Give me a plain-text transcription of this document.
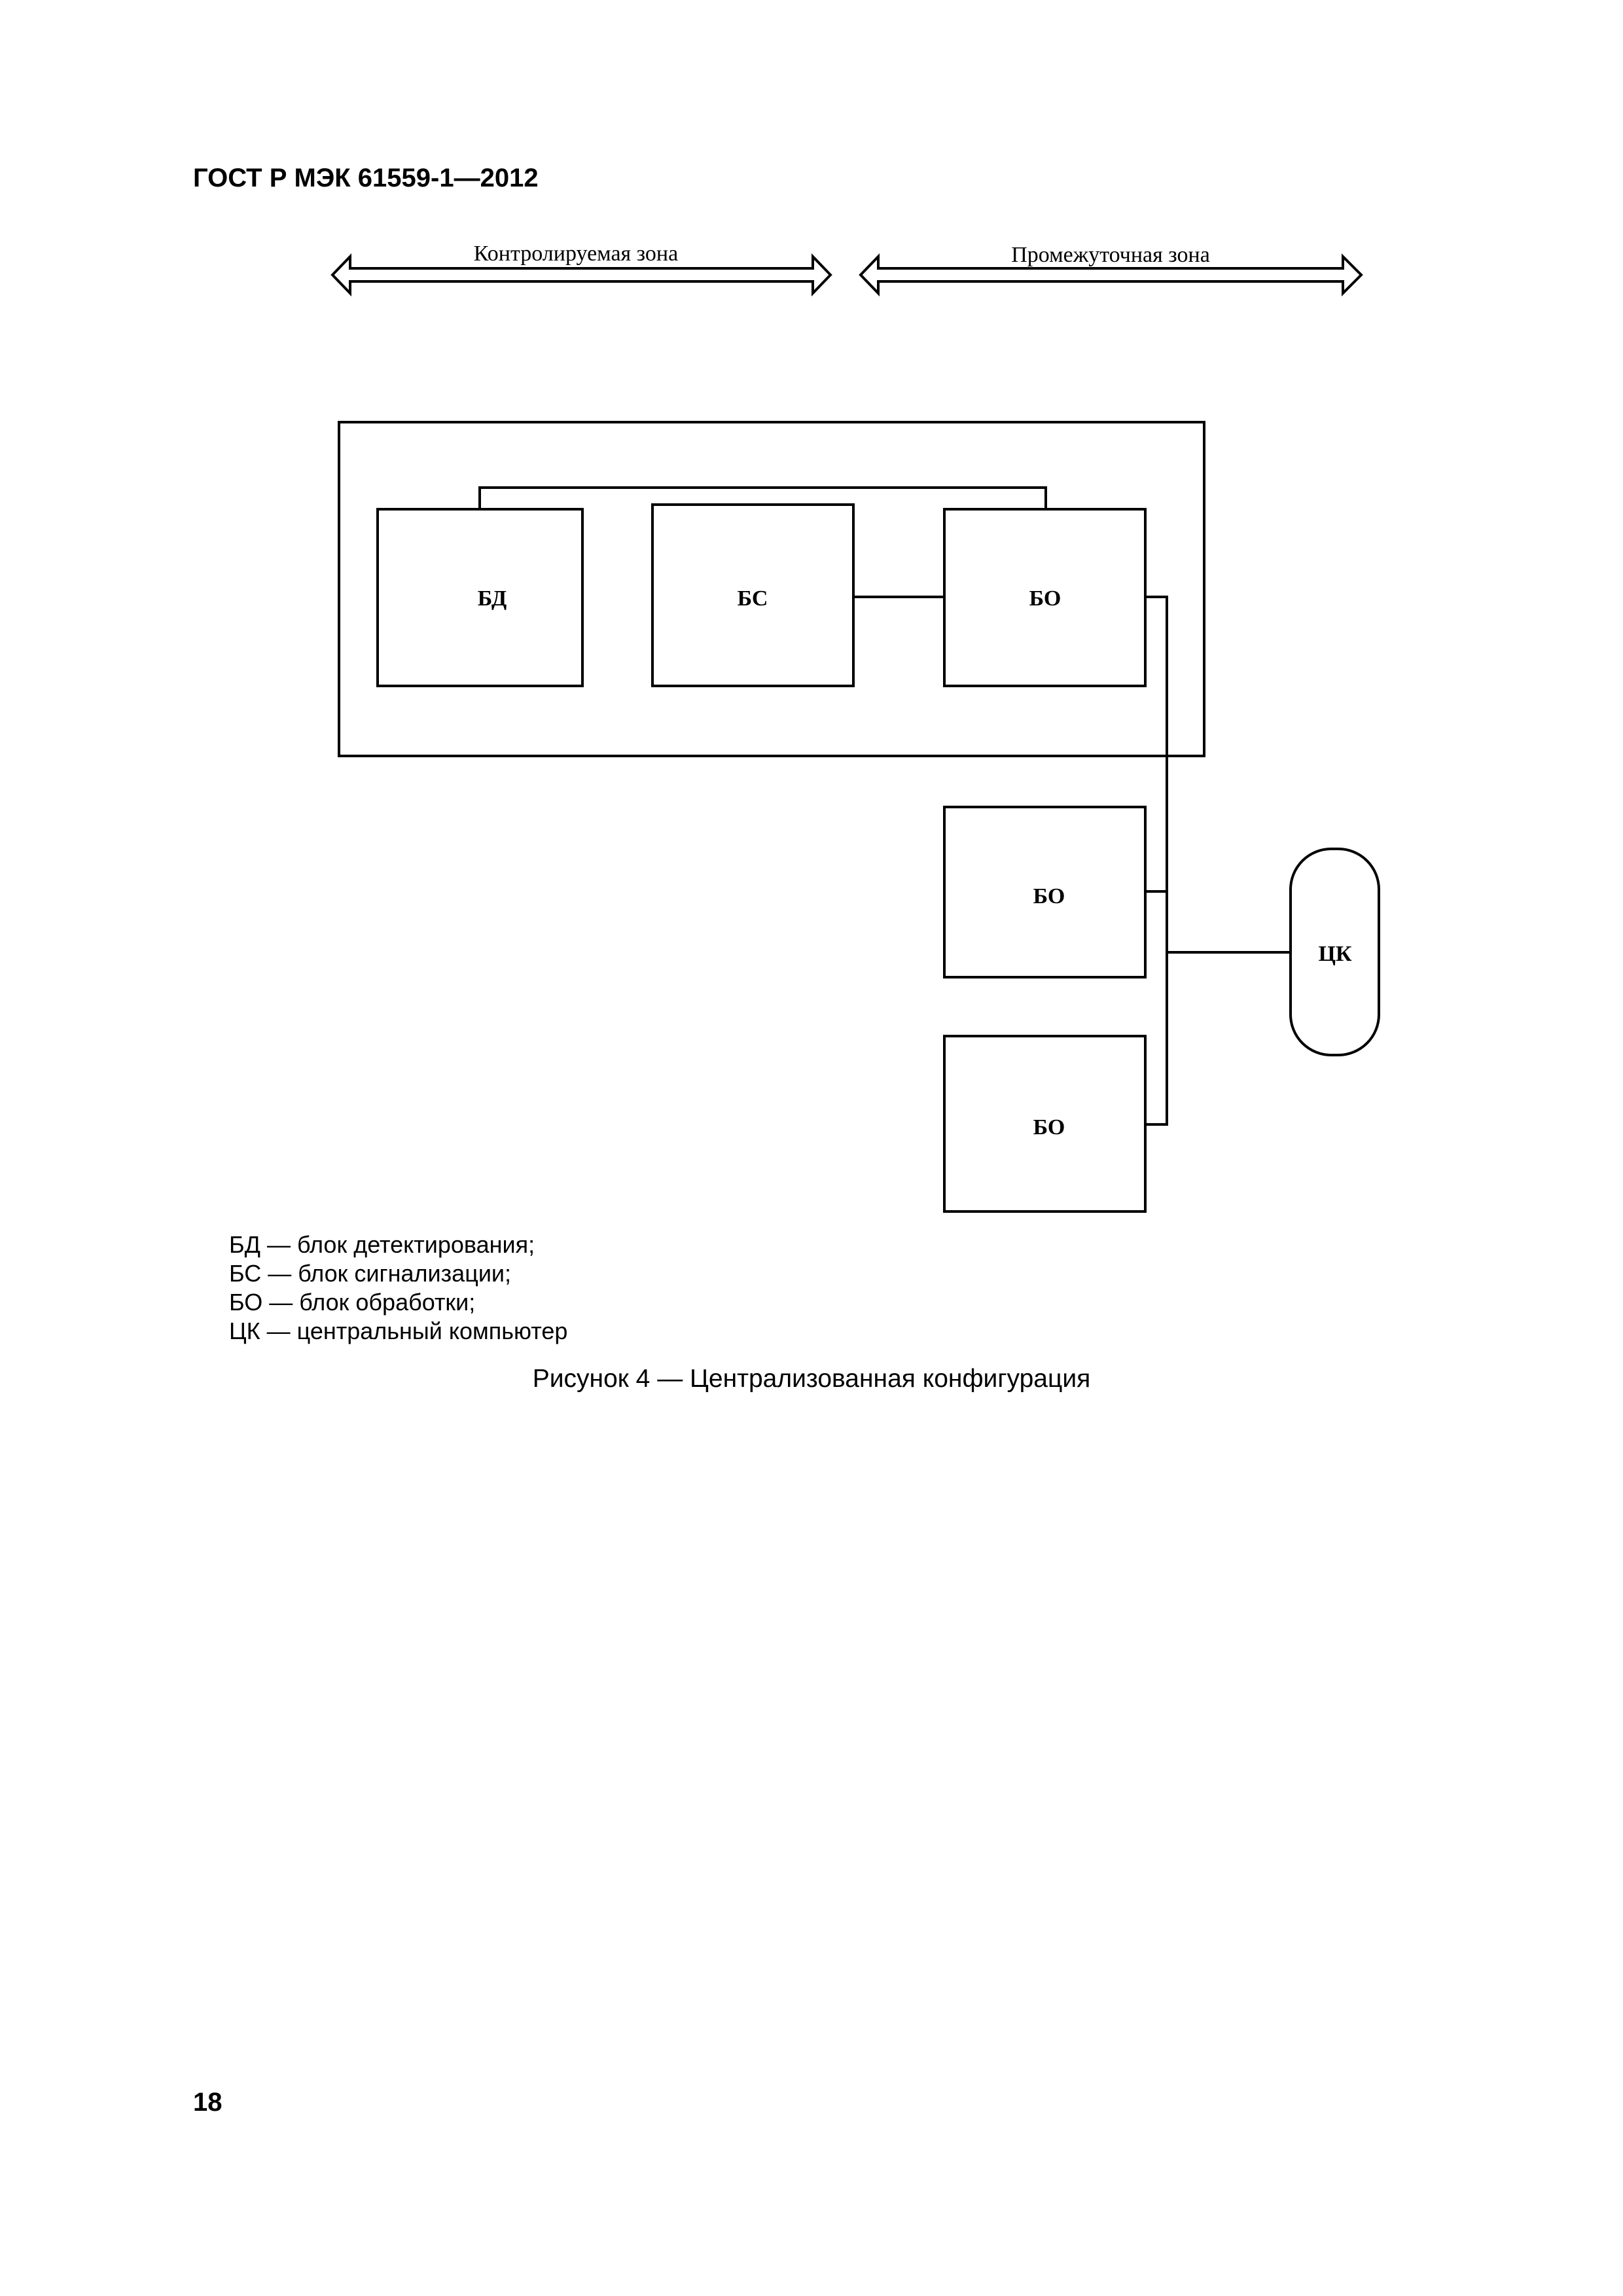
ГОСТ Р МЭК 61559-1—2012
Контролируемая зона	Промежуточная зона
БД	БС	БО
БО
БО
ЦК
БД — блок детектирования;
БС — блок сигнализации;
БО — блок обработки;
ЦК — центральный компьютер
Рисунок 4 — Централизованная конфигурация
18
